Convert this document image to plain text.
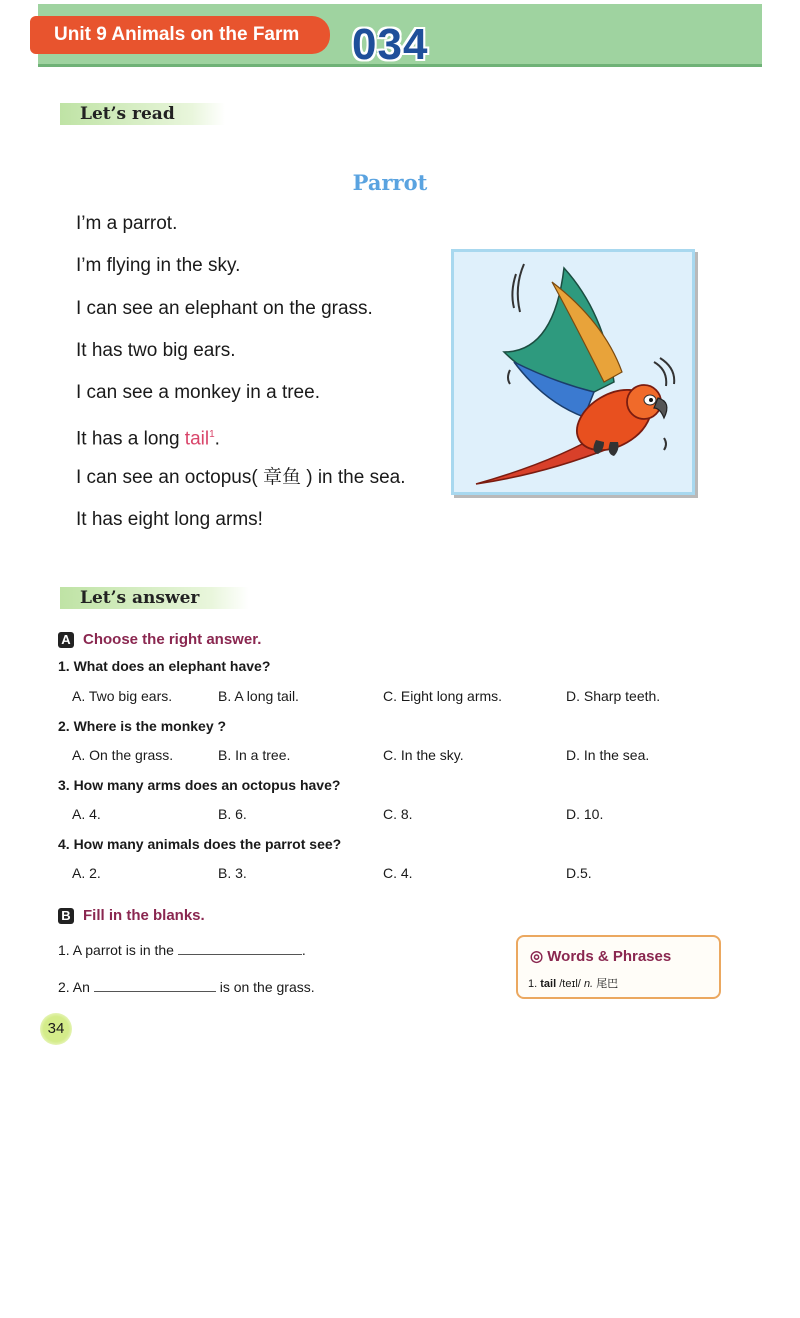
Unit 9 Animals on the Farm	034
Let’s read
Parrot
I’m a parrot.
I’m flying in the sky.
I can see an elephant on the grass.
It has two big ears.
I can see a monkey in a tree.
It has a long tail$^1$.
I can see an octopus( 章鱼 ) in the sea.
It has eight long arms!
Let’s answer
A Choose the right answer.
1. What does an elephant have?
A. Two big ears.	B. A long tail.	C. Eight long arms.	D. Sharp teeth.
2. Where is the monkey ?
A. On the grass.	B. In a tree.	C. In the sky.	D. In the sea.
3. How many arms does an octopus have?
A. 4.	B. 6.	C. 8.	D. 10.
4. How many animals does the parrot see?
A. 2.	B. 3.	C. 4.	D.5.
B Fill in the blanks.
1. A parrot is in the	.
2. An	is on the grass.
◎ Words & Phrases
1. tail /teɪl/ n. 尾巴
34
